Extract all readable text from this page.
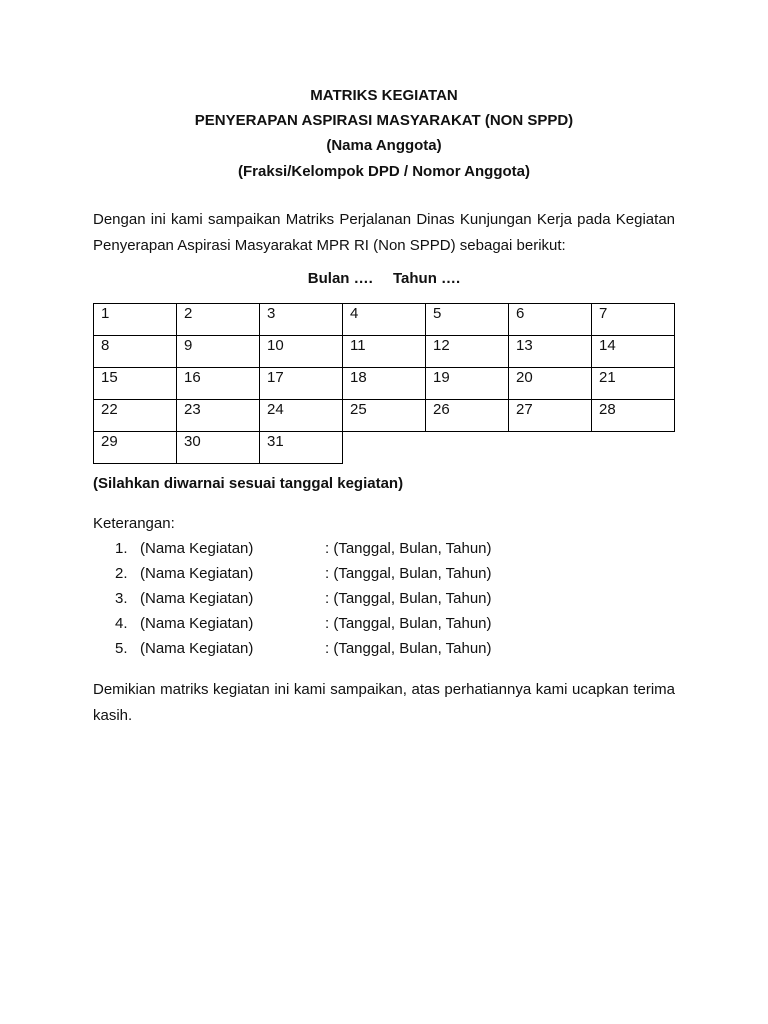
MATRIKS KEGIATAN
PENYERAPAN ASPIRASI MASYARAKAT (NON SPPD)
(Nama Anggota)
(Fraksi/Kelompok DPD / Nomor Anggota)
Dengan ini kami sampaikan Matriks Perjalanan Dinas Kunjungan Kerja pada Kegiatan Penyerapan Aspirasi Masyarakat MPR RI (Non SPPD) sebagai berikut:
Bulan …. Tahun ….
1	2	3	4	5	6	7
8	9	10	11	12	13	14
15	16	17	18	19	20	21
22	23	24	25	26	27	28
29	30	31				
(Silahkan diwarnai sesuai tanggal kegiatan)
Keterangan:
1. (Nama Kegiatan)	: (Tanggal, Bulan, Tahun)
2. (Nama Kegiatan)	: (Tanggal, Bulan, Tahun)
3. (Nama Kegiatan)	: (Tanggal, Bulan, Tahun)
4. (Nama Kegiatan)	: (Tanggal, Bulan, Tahun)
5. (Nama Kegiatan)	: (Tanggal, Bulan, Tahun)
Demikian matriks kegiatan ini kami sampaikan, atas perhatiannya kami ucapkan terima kasih.
